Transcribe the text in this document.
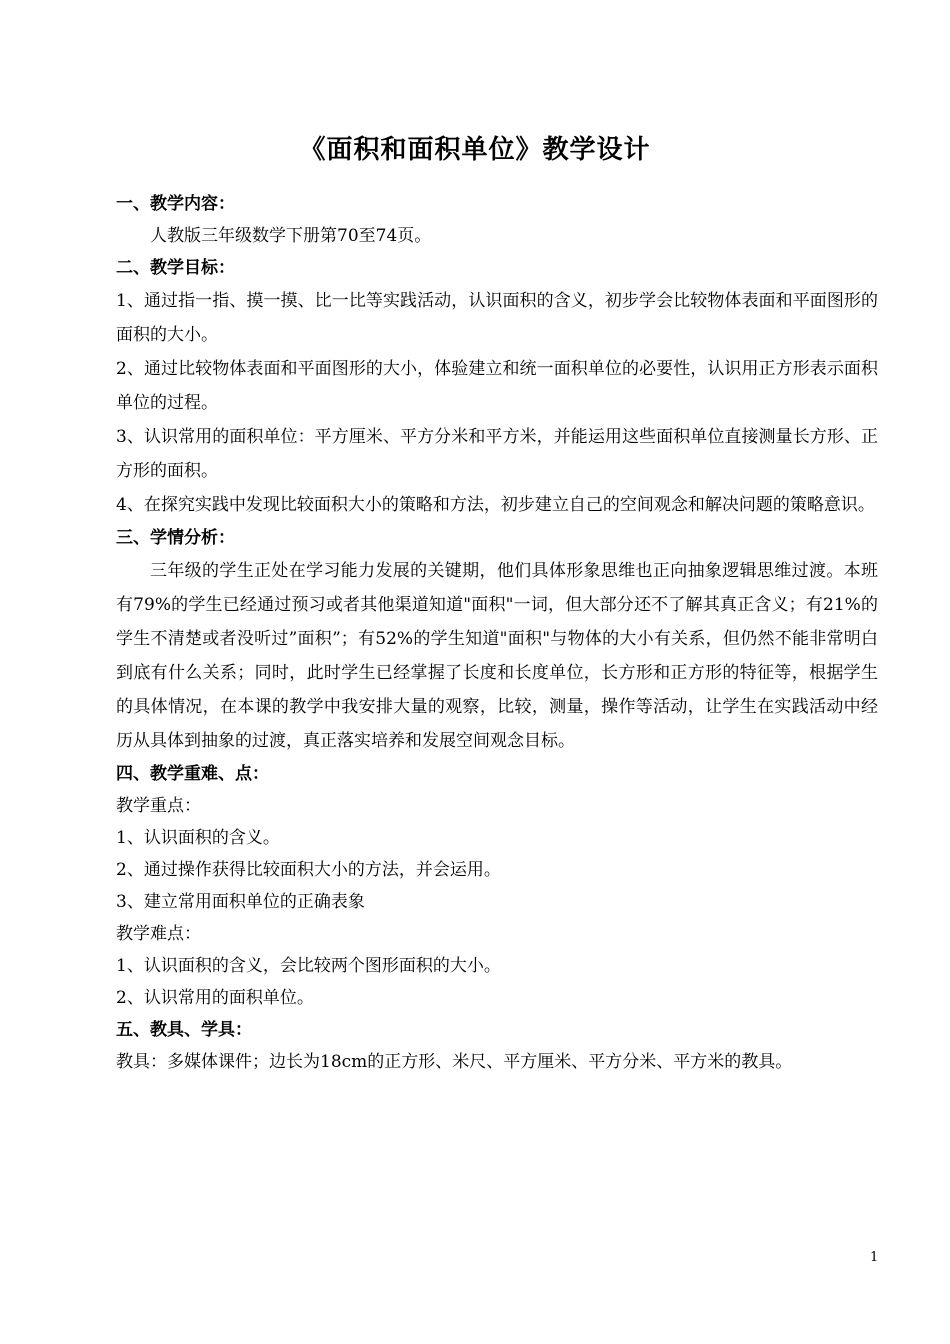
《面积和面积单位》教学设计
一、教学内容：
人教版三年级数学下册第70至74页。
二、教学目标：
1、通过指一指、摸一摸、比一比等实践活动，认识面积的含义，初步学会比较物体表面和平面图形的面积的大小。
2、通过比较物体表面和平面图形的大小，体验建立和统一面积单位的必要性，认识用正方形表示面积单位的过程。
3、认识常用的面积单位：平方厘米、平方分米和平方米，并能运用这些面积单位直接测量长方形、正方形的面积。
4、在探究实践中发现比较面积大小的策略和方法，初步建立自己的空间观念和解决问题的策略意识。
三、学情分析：
三年级的学生正处在学习能力发展的关键期，他们具体形象思维也正向抽象逻辑思维过渡。本班有79%的学生已经通过预习或者其他渠道知道"面积"一词，但大部分还不了解其真正含义；有21%的学生不清楚或者没听过”面积”；有52%的学生知道"面积"与物体的大小有关系，但仍然不能非常明白到底有什么关系；同时，此时学生已经掌握了长度和长度单位，长方形和正方形的特征等，根据学生的具体情况，在本课的教学中我安排大量的观察，比较，测量，操作等活动，让学生在实践活动中经历从具体到抽象的过渡，真正落实培养和发展空间观念目标。
四、教学重难、点：
教学重点：
1、认识面积的含义。
2、通过操作获得比较面积大小的方法，并会运用。
3、建立常用面积单位的正确表象
教学难点：
1、认识面积的含义，会比较两个图形面积的大小。
2、认识常用的面积单位。
五、教具、学具：
教具：多媒体课件；边长为18cm的正方形、米尺、平方厘米、平方分米、平方米的教具。
1
